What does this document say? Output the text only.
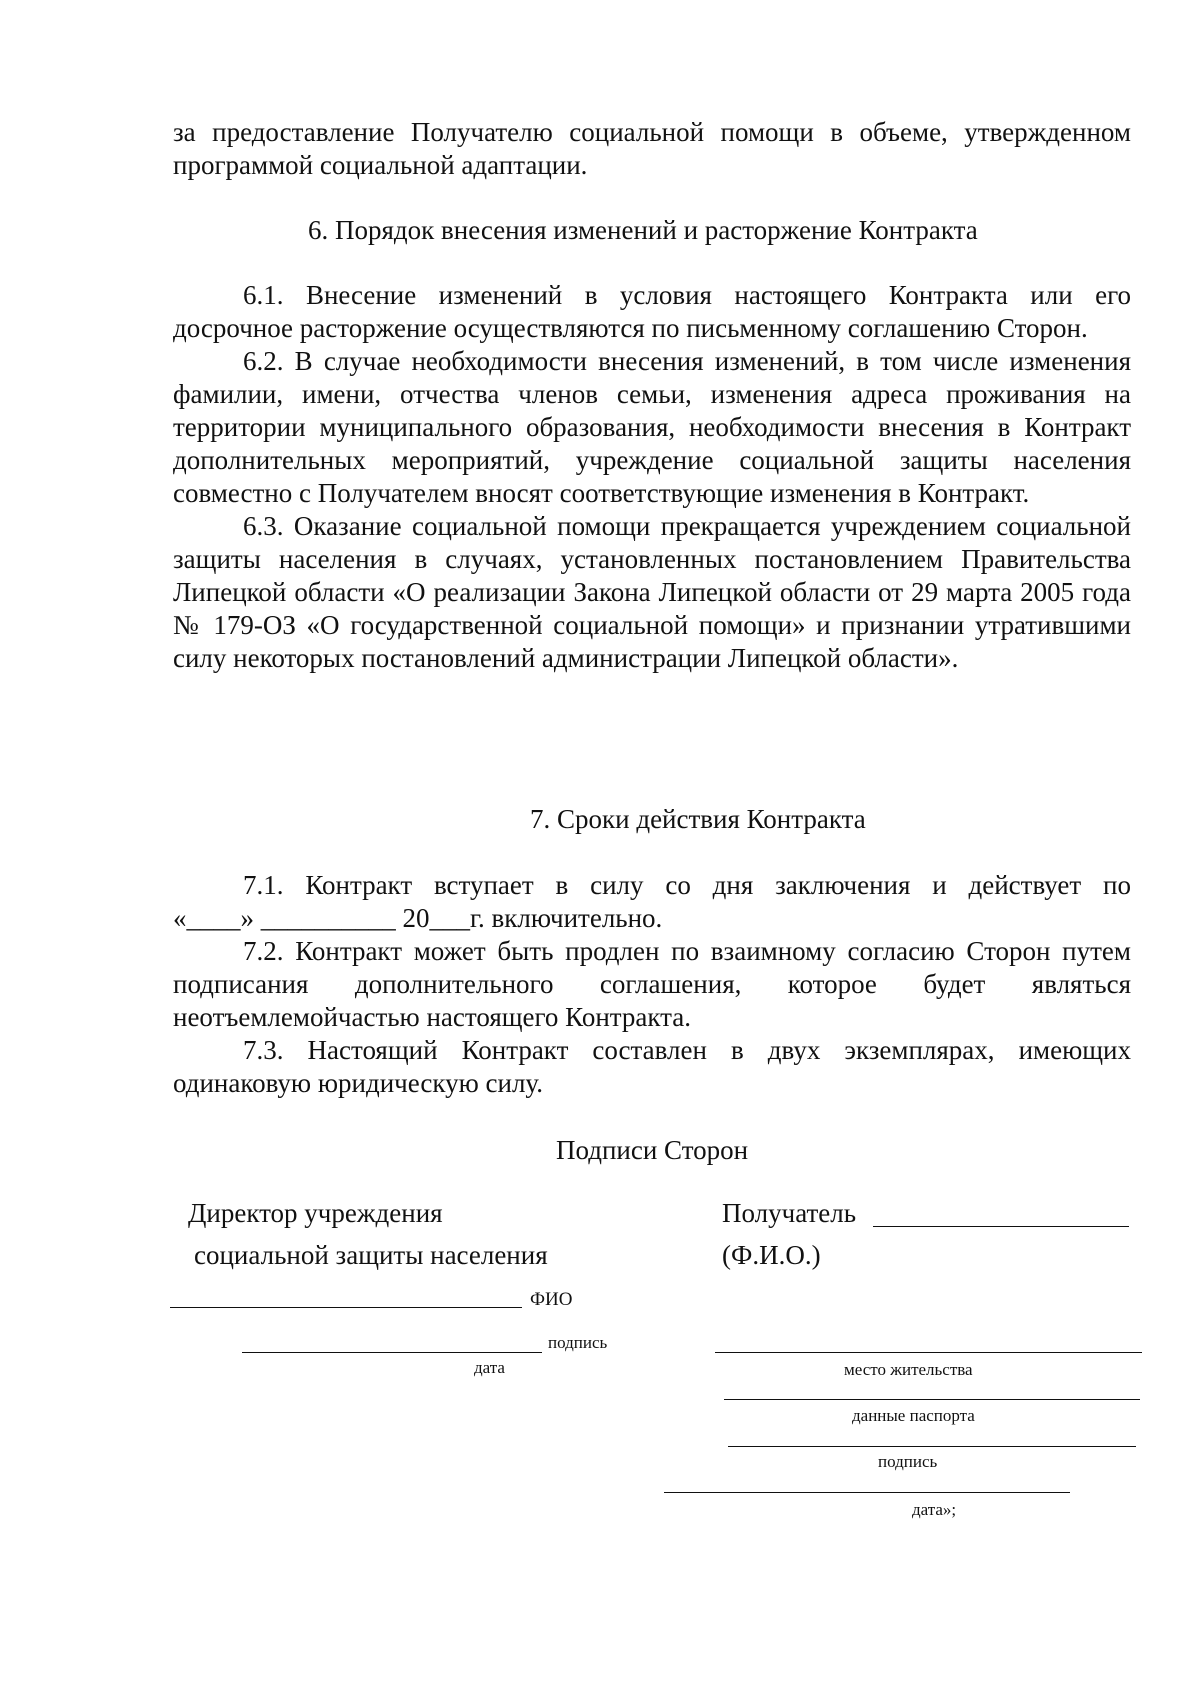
за предоставление Получателю социальной помощи в объеме, утвержденном программой социальной адаптации.

6. Порядок внесения изменений и расторжение Контракта

6.1. Внесение изменений в условия настоящего Контракта или его досрочное расторжение осуществляются по письменному соглашению Сторон.

6.2. В случае необходимости внесения изменений, в том числе изменения фамилии, имени, отчества членов семьи, изменения адреса проживания на территории муниципального образования, необходимости внесения в Контракт дополнительных мероприятий, учреждение социальной защиты населения совместно с Получателем вносят соответствующие изменения в Контракт.

6.3. Оказание социальной помощи прекращается учреждением социальной защиты населения в случаях, установленных постановлением Правительства Липецкой области «О реализации Закона Липецкой области от 29 марта 2005 года № 179-ОЗ «О государственной социальной помощи» и признании утратившими силу некоторых постановлений администрации Липецкой области».

7. Сроки действия Контракта

7.1. Контракт вступает в силу со дня заключения и действует по

«____» __________ 20___г. включительно.

7.2. Контракт может быть продлен по взаимному согласию Сторон путем подписания дополнительного соглашения, которое будет являться неотъемлемойчастью настоящего Контракта.

7.3. Настоящий Контракт составлен в двух экземплярах, имеющих одинаковую юридическую силу.

Подписи Сторон
Директор учреждения
социальной защиты населения
ФИО
подпись
дата
Получатель
(Ф.И.О.)
место жительства
данные паспорта
подпись
дата»;
